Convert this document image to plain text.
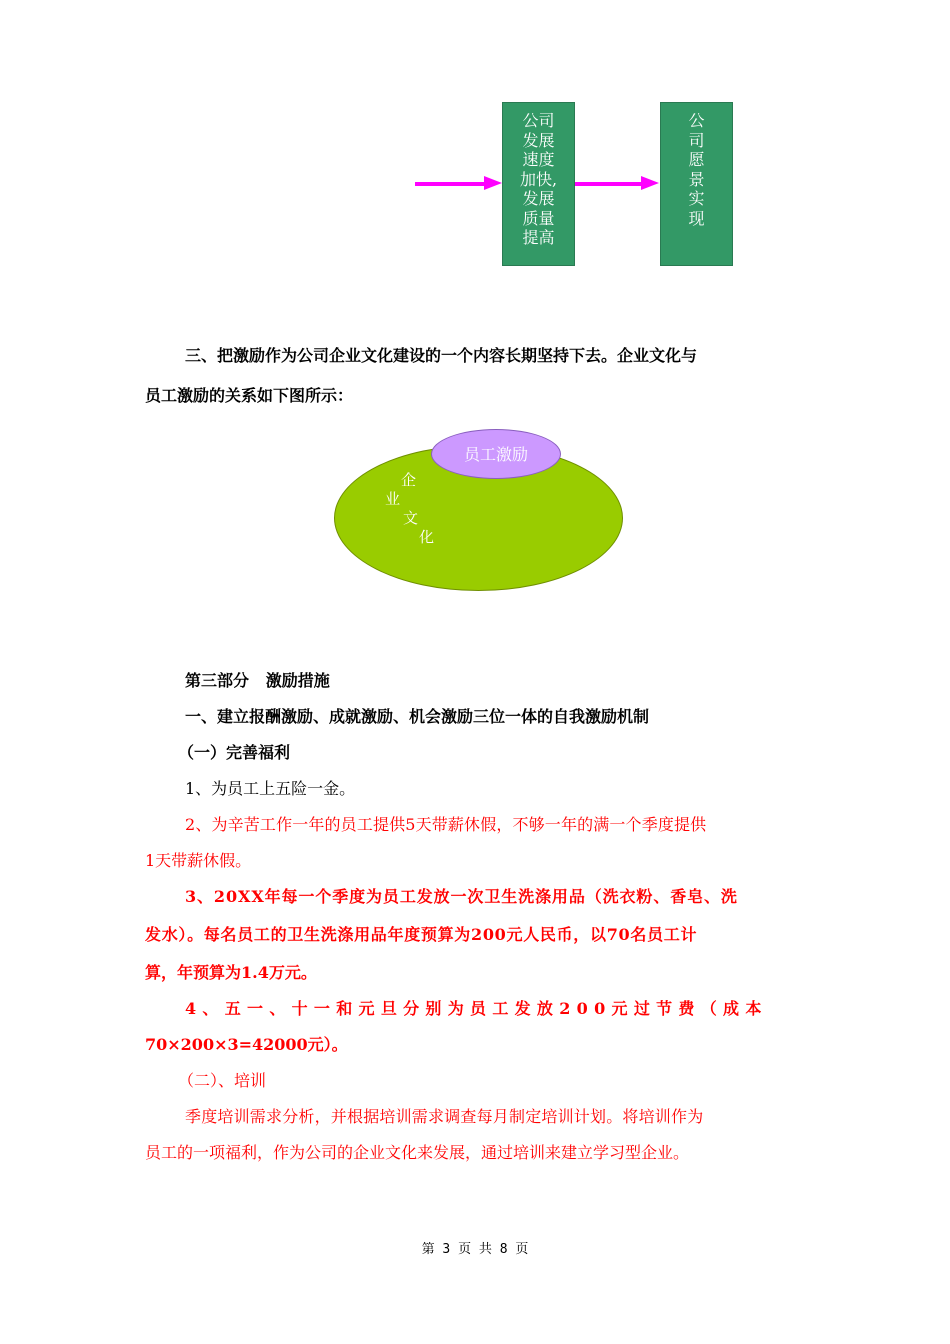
公司
发展
速度
加快,
发展
质量
提高
公
司
愿
景
实
现
三、把激励作为公司企业文化建设的一个内容长期坚持下去。企业文化与
员工激励的关系如下图所示：
企
业
文
化
员工激励
第三部分   激励措施
一、建立报酬激励、成就激励、机会激励三位一体的自我激励机制
（一）完善福利
1、为员工上五险一金。
2、为辛苦工作一年的员工提供5天带薪休假，不够一年的满一个季度提供
1天带薪休假。
3、20XX年每一个季度为员工发放一次卫生洗涤用品（洗衣粉、香皂、洗
发水）。每名员工的卫生洗涤用品年度预算为200元人民币，以70名员工计
算，年预算为1.4万元。
4、五一、十一和元旦分别为员工发放200元过节费（成本
70×200×3=42000元）。
（二）、培训
季度培训需求分析，并根据培训需求调查每月制定培训计划。将培训作为
员工的一项福利，作为公司的企业文化来发展，通过培训来建立学习型企业。
第 3 页 共 8 页
